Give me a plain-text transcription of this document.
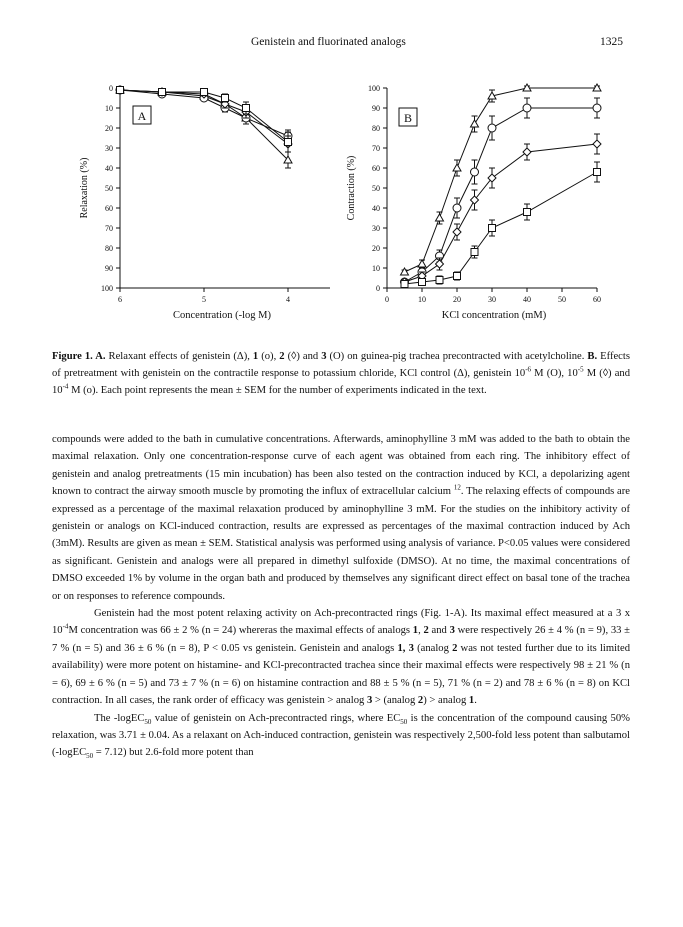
Genistein and fluorinated analogs	1325
0
10
20
30
40
50
60
70
80
90
100
6	5	4
A
Relaxation (%)
Concentration (-log M)
0
10
20
30
40
50
60
70
80
90
100
0	10	20	30	40	50	60
B
Contraction (%)
KCl concentration (mM)
Figure 1. A. Relaxant effects of genistein (Δ), 1 (o), 2 (◊) and 3 (O) on guinea-pig trachea precontracted with acetylcholine. B. Effects of pretreatment with genistein on the contractile response to potassium chloride, KCl control (Δ), genistein $10^{-6}$ M (O), $10^{-5}$ M (◊) and $10^{-4}$ M (o). Each point represents the mean ± SEM for the number of experiments indicated in the text.

compounds were added to the bath in cumulative concentrations. Afterwards, aminophylline 3 mM was added to the bath to obtain the maximal relaxation. Only one concentration-response curve of each agent was obtained from each ring. The inhibitory effect of genistein and analog pretreatments (15 min incubation) has been also tested on the contraction induced by KCl, a depolarizing agent known to contract the airway smooth muscle by promoting the influx of extracellular calcium $^{12}$. The relaxing effects of compounds are expressed as a percentage of the maximal relaxation produced by aminophylline 3 mM. For the studies on the inhibitory activity of genistein or analogs on KCl-induced contraction, results are expressed as percentages of the maximal contraction induced by Ach (3mM). Results are given as mean ± SEM. Statistical analysis was performed using analysis of variance. P<0.05 values were considered as significant. Genistein and analogs were all prepared in dimethyl sulfoxide (DMSO). At no time, the maximal concentrations of DMSO exceeded 1% by volume in the organ bath and produced by themselves any significant direct effect on basal tone of the trachea or on responses to reference compounds.

Genistein had the most potent relaxing activity on Ach-precontracted rings (Fig. 1-A). Its maximal effect measured at a 3 x $10^{-4}M$ concentration was 66 ± 2 % (n = 24) whereras the maximal effects of analogs 1, 2 and 3 were respectively 26 ± 4 % (n = 9), 33 ± 7 % (n = 5) and 36 ± 6 % (n = 8), P < 0.05 vs genistein. Genistein and analogs 1, 3 (analog 2 was not tested further due to its limited availability) were more potent on histamine- and KCl-precontracted trachea since their maximal effects were respectively 98 ± 21 % (n = 6), 69 ± 6 % (n = 5) and 73 ± 7 % (n = 6) on histamine contraction and 88 ± 5 % (n = 5), 71 % (n = 2) and 78 ± 6 % (n = 8) on KCl contraction. In all cases, the rank order of efficacy was genistein > analog 3 > (analog 2) > analog 1.

The -logEC$_{50}$ value of genistein on Ach-precontracted rings, where $EC_{50}$ is the concentration of the compound causing 50% relaxation, was 3.71 ± 0.04. As a relaxant on Ach-induced contraction, genistein was respectively 2,500-fold less potent than salbutamol (-logEC$_{50}$ = 7.12) but 2.6-fold more potent than
